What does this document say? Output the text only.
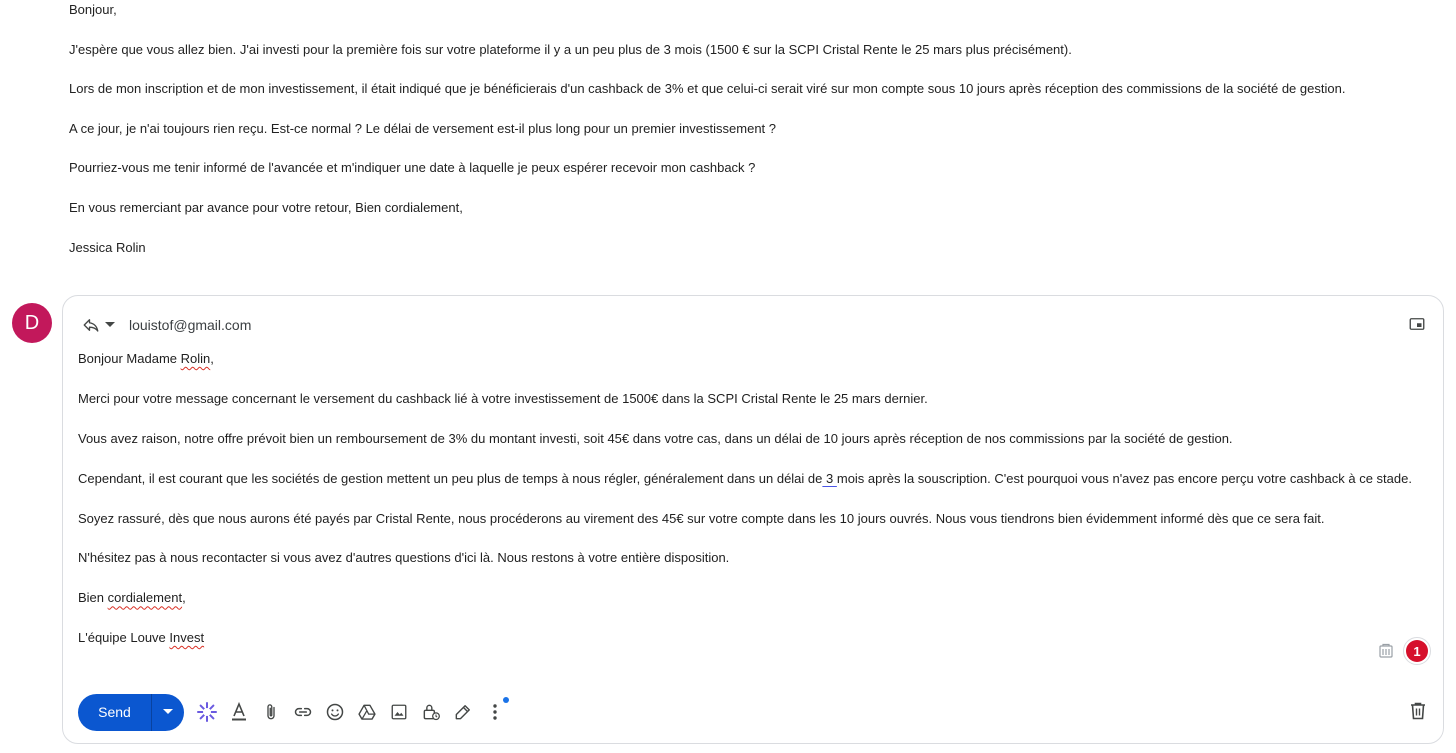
Bonjour,

J'espère que vous allez bien. J'ai investi pour la première fois sur votre plateforme il y a un peu plus de 3 mois (1500 € sur la SCPI Cristal Rente le 25 mars plus précisément).

Lors de mon inscription et de mon investissement, il était indiqué que je bénéficierais d'un cashback de 3% et que celui-ci serait viré sur mon compte sous 10 jours après réception des commissions de la société de gestion.

A ce jour, je n'ai toujours rien reçu. Est-ce normal ? Le délai de versement est-il plus long pour un premier investissement ?

Pourriez-vous me tenir informé de l'avancée et m'indiquer une date à laquelle je peux espérer recevoir mon cashback ?

En vous remerciant par avance pour votre retour, Bien cordialement,

Jessica Rolin

D	louistof@gmail.com

Bonjour Madame Rolin,

Merci pour votre message concernant le versement du cashback lié à votre investissement de 1500€ dans la SCPI Cristal Rente le 25 mars dernier.

Vous avez raison, notre offre prévoit bien un remboursement de 3% du montant investi, soit 45€ dans votre cas, dans un délai de 10 jours après réception de nos commissions par la société de gestion.

Cependant, il est courant que les sociétés de gestion mettent un peu plus de temps à nous régler, généralement dans un délai de 3 mois après la souscription. C'est pourquoi vous n'avez pas encore perçu votre cashback à ce stade.

Soyez rassuré, dès que nous aurons été payés par Cristal Rente, nous procéderons au virement des 45€ sur votre compte dans les 10 jours ouvrés. Nous vous tiendrons bien évidemment informé dès que ce sera fait.

N'hésitez pas à nous recontacter si vous avez d'autres questions d'ici là. Nous restons à votre entière disposition.

Bien cordialement,

L'équipe Louve Invest

1
Send
